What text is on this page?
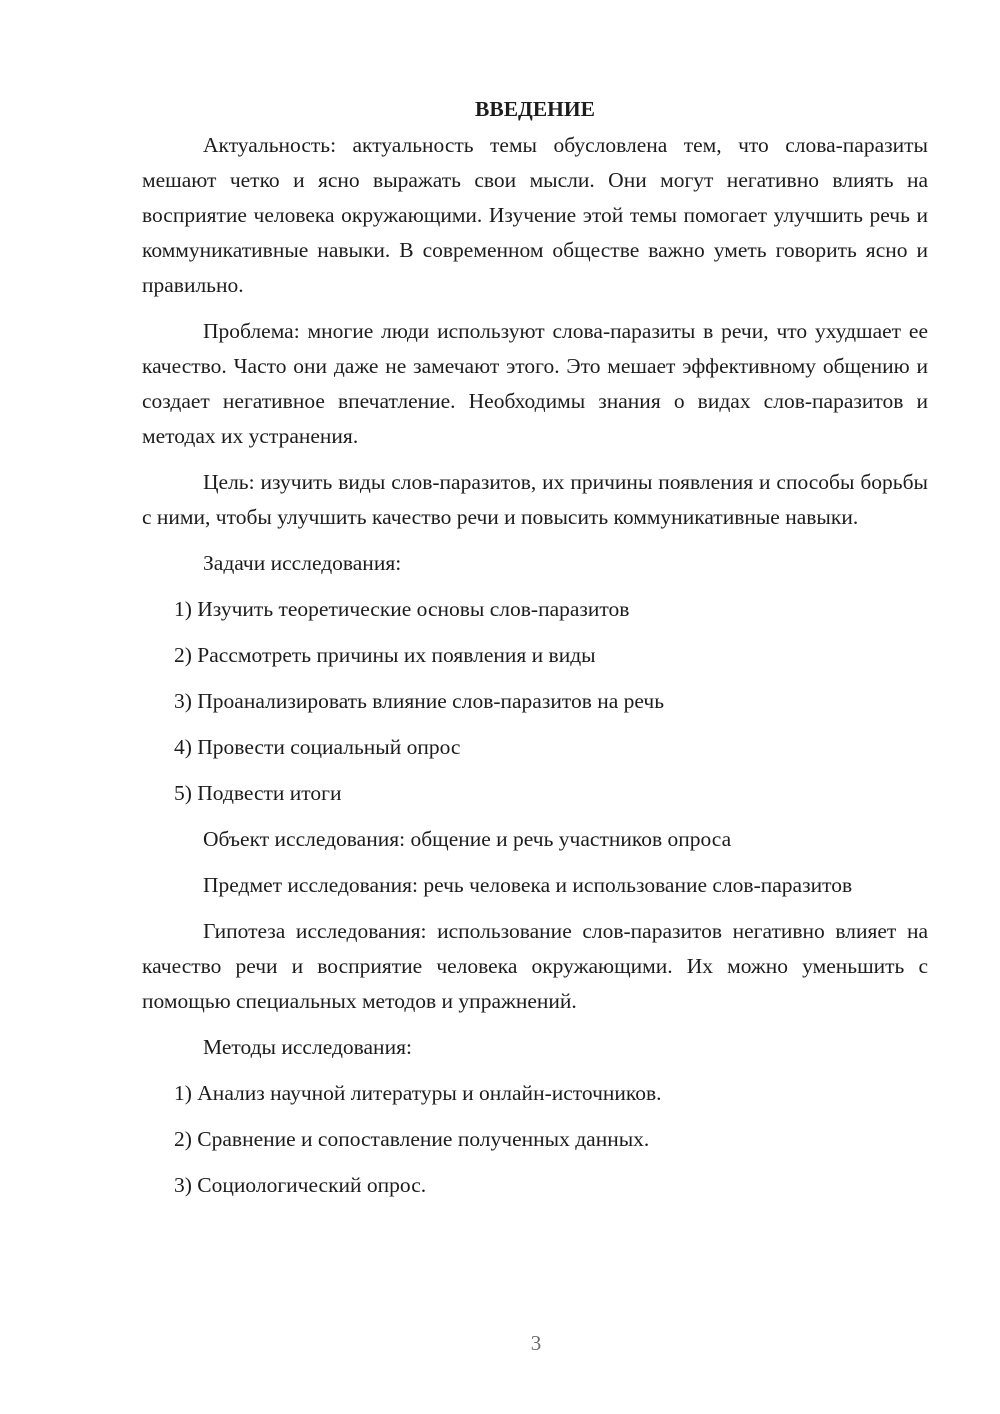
ВВЕДЕНИЕ

Актуальность: актуальность темы обусловлена тем, что слова-паразиты мешают четко и ясно выражать свои мысли. Они могут негативно влиять на восприятие человека окружающими. Изучение этой темы помогает улучшить речь и коммуникативные навыки. В современном обществе важно уметь говорить ясно и правильно.

Проблема: многие люди используют слова-паразиты в речи, что ухудшает ее качество. Часто они даже не замечают этого. Это мешает эффективному общению и создает негативное впечатление. Необходимы знания о видах слов-паразитов и методах их устранения.

Цель: изучить виды слов-паразитов, их причины появления и способы борьбы с ними, чтобы улучшить качество речи и повысить коммуникативные навыки.

Задачи исследования:

1) Изучить теоретические основы слов-паразитов

2) Рассмотреть причины их появления и виды

3) Проанализировать влияние слов-паразитов на речь

4) Провести социальный опрос

5) Подвести итоги

Объект исследования: общение и речь участников опроса

Предмет исследования: речь человека и использование слов-паразитов

Гипотеза исследования: использование слов-паразитов негативно влияет на качество речи и восприятие человека окружающими. Их можно уменьшить с помощью специальных методов и упражнений.

Методы исследования:

1) Анализ научной литературы и онлайн-источников.

2) Сравнение и сопоставление полученных данных.

3) Социологический опрос.

3
